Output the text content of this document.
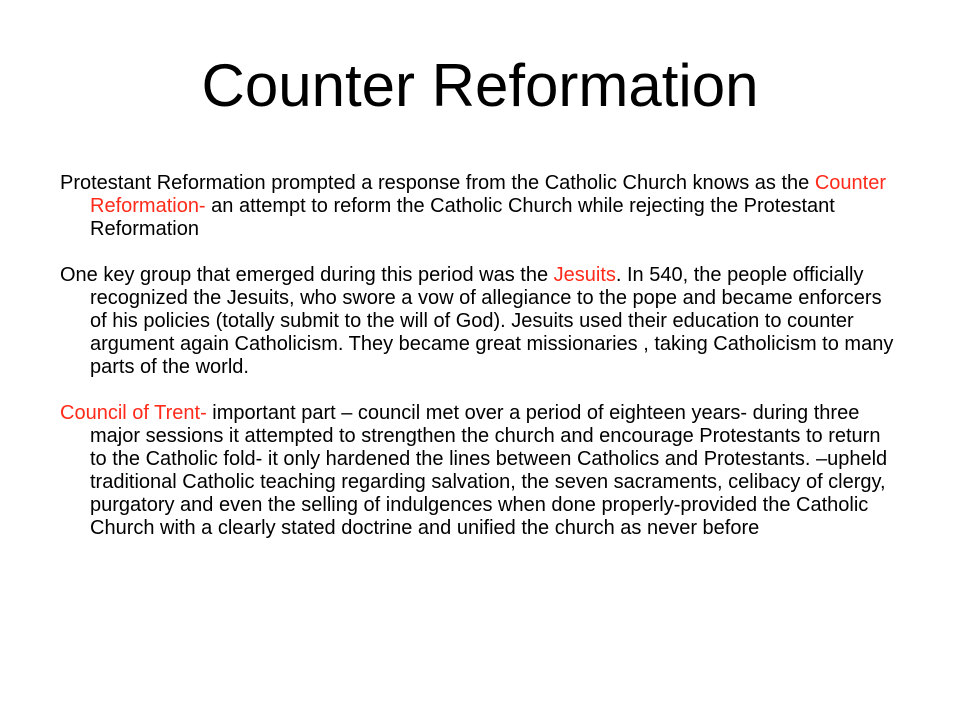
Counter Reformation

Protestant Reformation prompted a response from the Catholic Church knows as the Counter Reformation- an attempt to reform the Catholic Church while rejecting the Protestant Reformation

One key group that emerged during this period was the Jesuits. In 540, the people officially recognized the Jesuits, who swore a vow of allegiance to the pope and became enforcers of his policies (totally submit to the will of God). Jesuits used their education to counter argument again Catholicism. They became great missionaries , taking Catholicism to many parts of the world.

Council of Trent- important part – council met over a period of eighteen years- during three major sessions it attempted to strengthen the church and encourage Protestants to return to the Catholic fold- it only hardened the lines between Catholics and Protestants. –upheld traditional Catholic teaching regarding salvation, the seven sacraments, celibacy of clergy, purgatory and even the selling of indulgences when done properly-provided the Catholic Church with a clearly stated doctrine and unified the church as never before
